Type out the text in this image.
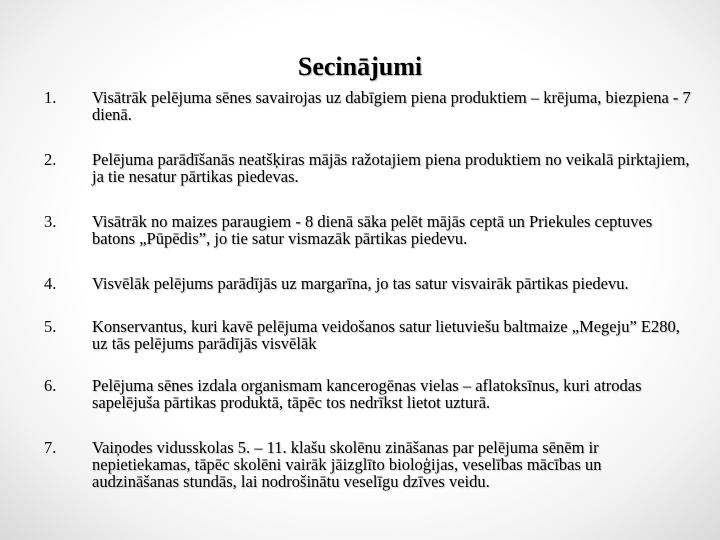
Secinājumi
1.	Visātrāk pelējuma sēnes savairojas uz dabīgiem piena produktiem – krējuma, biezpiena - 7 dienā.
2.	Pelējuma parādīšanās neatšķiras mājās ražotajiem piena produktiem no veikalā pirktajiem, ja tie nesatur pārtikas piedevas.
3.	Visātrāk no maizes paraugiem - 8 dienā sāka pelēt mājās ceptā un Priekules ceptuves batons „Pūpēdis”, jo tie satur vismazāk pārtikas piedevu.
4.	Visvēlāk pelējums parādījās uz margarīna, jo tas satur visvairāk pārtikas piedevu.
5.	Konservantus, kuri kavē pelējuma veidošanos satur lietuviešu baltmaize „Megeju” E280, uz tās pelējums parādījās visvēlāk
6.	Pelējuma sēnes izdala organismam kancerogēnas vielas – aflatoksīnus, kuri atrodas sapelējuša pārtikas produktā, tāpēc tos nedrīkst lietot uzturā.
7.	Vaiņodes vidusskolas 5. – 11. klašu skolēnu zināšanas par pelējuma sēnēm ir nepietiekamas, tāpēc skolēni vairāk jāizglīto bioloģijas, veselības mācības un audzināšanas stundās, lai nodrošinātu veselīgu dzīves veidu.
